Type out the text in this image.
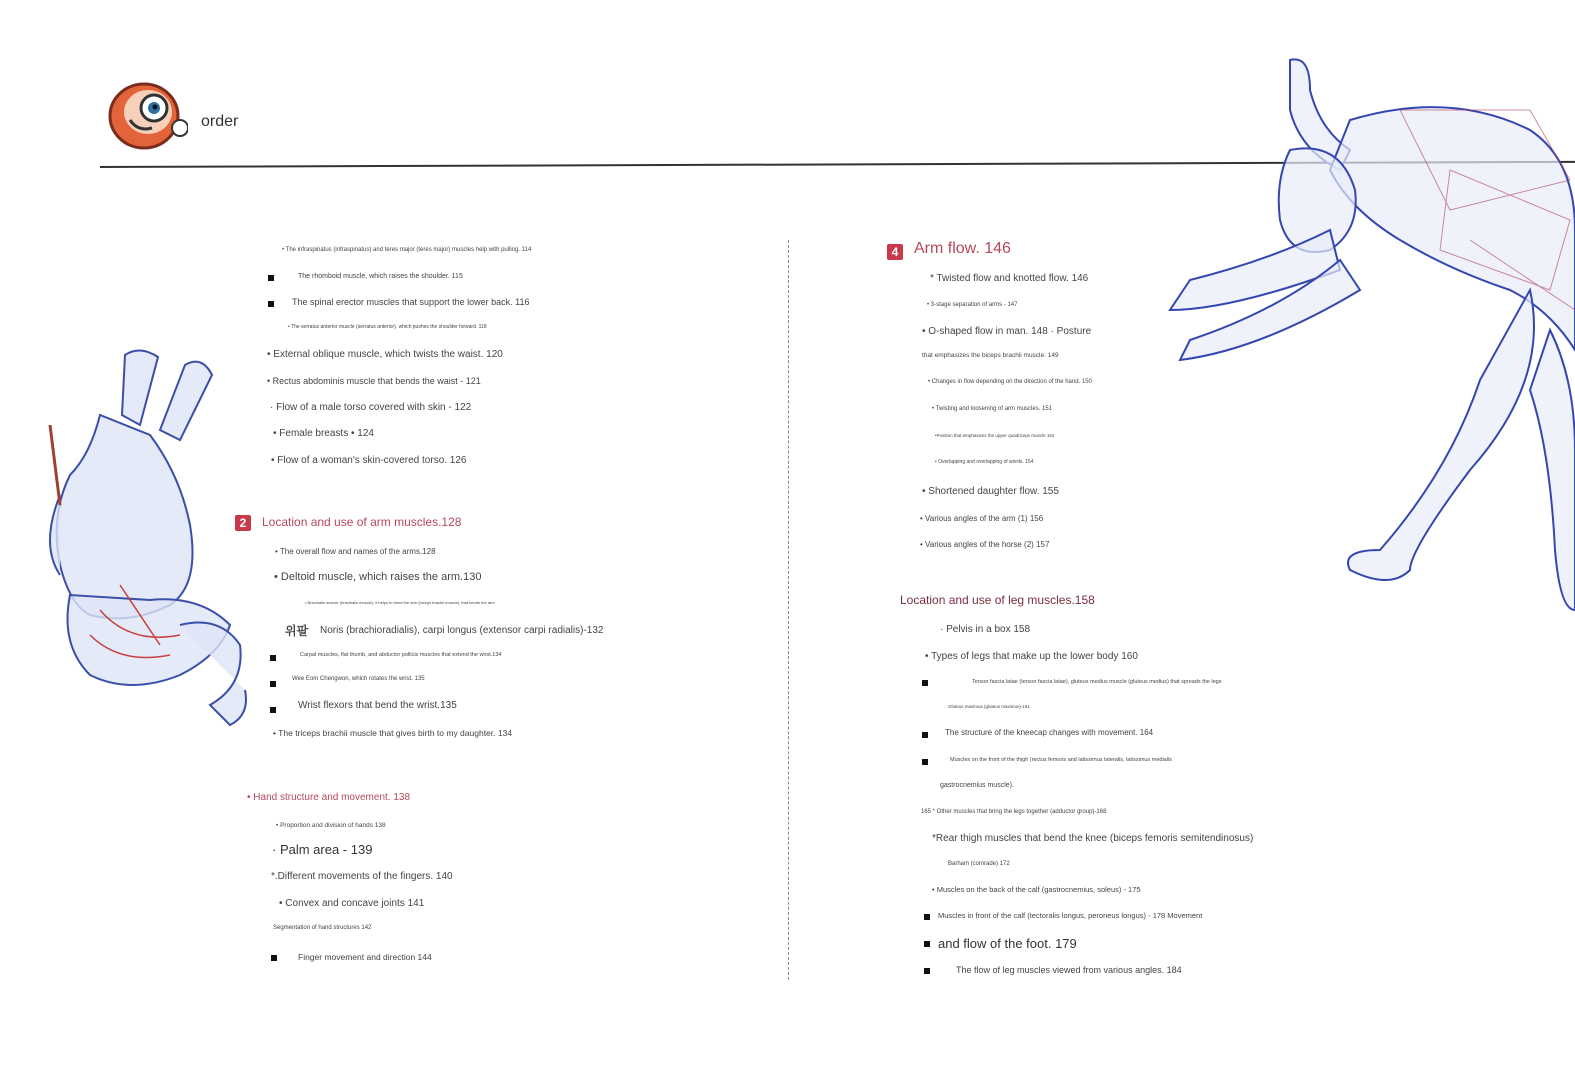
order
• The infraspinatus (infraspinatus) and teres major (teres major) muscles help with pulling. 114
The rhomboid muscle, which raises the shoulder. 115
The spinal erector muscles that support the lower back. 116
• The serratus anterior muscle (serratus anterior), which pushes the shoulder forward. 118
• External oblique muscle, which twists the waist. 120
• Rectus abdominis muscle that bends the waist - 121
· Flow of a male torso covered with skin - 122
• Female breasts • 124
• Flow of a woman's skin-covered torso. 126
2	Location and use of arm muscles.128
• The overall flow and names of the arms.128
• Deltoid muscle, which raises the arm.130
• Brachialis muscle (brachialis muscle), it helps to bend the arm (biceps brachii muscle), that bends the arm
위팔 Noris (brachioradialis), carpi longus (extensor carpi radialis)-132
Carpal muscles, flat thumb, and abductor pollicis muscles that extend the wrist.134
Wee Eom Chengwon, which rotates the wrist. 135
Wrist flexors that bend the wrist.135
• The triceps brachii muscle that gives birth to my daughter. 134
• Hand structure and movement. 138
• Proportion and division of hands 138
· Palm area - 139
*.Different movements of the fingers. 140
• Convex and concave joints 141
Segmentation of hand structures 142
Finger movement and direction 144
4 Arm flow. 146
* Twisted flow and knotted flow. 146
• 3-stage separation of arms - 147
• O-shaped flow in man. 148 · Posture
that emphasizes the biceps brachii muscle. 149
• Changes in flow depending on the direction of the hand. 150
• Twisting and loosening of arm muscles. 151
•Position that emphasizes the upper quadriceps muscle 152
• Overlapping and overlapping of words. 154
• Shortened daughter flow. 155
• Various angles of the arm (1) 156
• Various angles of the horse (2) 157
Location and use of leg muscles.158
· Pelvis in a box 158
• Types of legs that make up the lower body 160
Tensor fascia latae (tensor fascia latae), gluteus medius muscle (gluteus medius) that spreads the legs
Gluteus maximus (gluteus maximus)-161
The structure of the kneecap changes with movement. 164
Muscles on the front of the thigh (rectus femoris and latissimus lateralis, latissimus medialis
gastrocnemius muscle).
165 * Other muscles that bring the legs together (adductor group)-168
*Rear thigh muscles that bend the knee (biceps femoris semitendinosus)
Barham (comrade) 172
• Muscles on the back of the calf (gastrocnemius, soleus) - 175
Muscles in front of the calf (tectoralis longus, peroneus longus) - 178 Movement
and flow of the foot. 179
The flow of leg muscles viewed from various angles. 184
